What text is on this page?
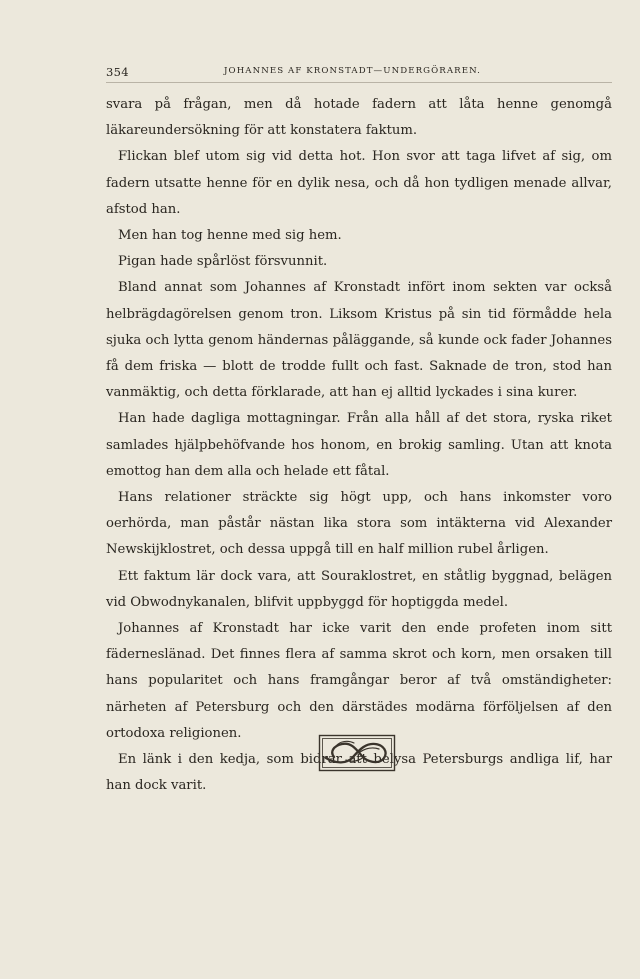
354	JOHANNES AF KRONSTADT—UNDERGÖRAREN.

svara på frågan, men då hotade fadern att låta henne genomgå läkareundersökning för att konstatera faktum.

Flickan blef utom sig vid detta hot. Hon svor att taga lifvet af sig, om fadern utsatte henne för en dylik nesa, och då hon tydligen menade allvar, afstod han.

Men han tog henne med sig hem.

Pigan hade spårlöst försvunnit.

Bland annat som Johannes af Kronstadt infört inom sekten var också helbrägdagörelsen genom tron. Liksom Kristus på sin tid förmådde hela sjuka och lytta genom händernas påläggande, så kunde ock fader Johannes få dem friska — blott de trodde fullt och fast. Saknade de tron, stod han vanmäktig, och detta förklarade, att han ej alltid lyckades i sina kurer.

Han hade dagliga mottagningar. Från alla håll af det stora, ryska riket samlades hjälpbehöfvande hos honom, en brokig samling. Utan att knota emottog han dem alla och helade ett fåtal.

Hans relationer sträckte sig högt upp, och hans inkomster voro oerhörda, man påstår nästan lika stora som intäkterna vid Alexander Newskijklostret, och dessa uppgå till en half million rubel årligen.

Ett faktum lär dock vara, att Souraklostret, en ståtlig byggnad, belägen vid Obwodnykanalen, blifvit uppbyggd för hoptiggda medel.

Johannes af Kronstadt har icke varit den ende profeten inom sitt fäderneslänad. Det finnes flera af samma skrot och korn, men orsaken till hans popularitet och hans framgångar beror af två omständigheter: närheten af Petersburg och den därstädes modärna förföljelsen af den ortodoxa religionen.

En länk i den kedja, som bidrar att belysa Petersburgs andliga lif, har han dock varit.
